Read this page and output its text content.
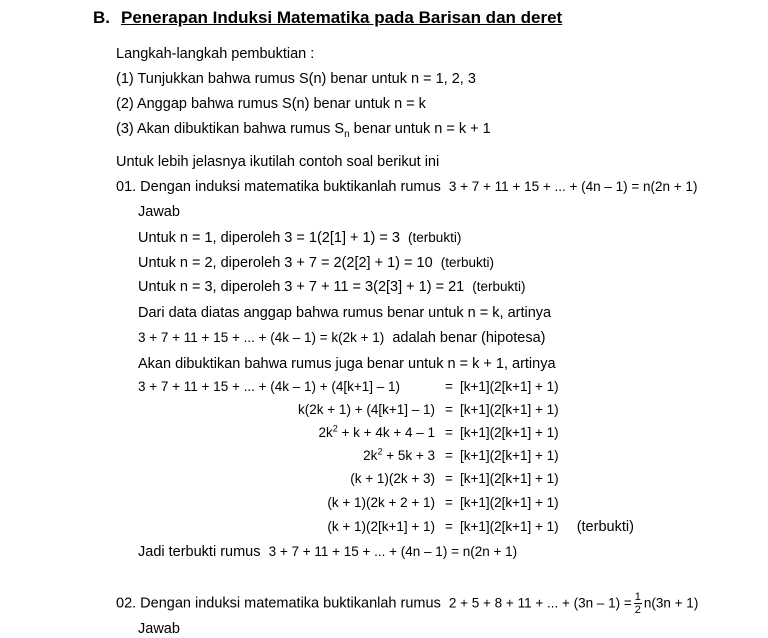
B. Penerapan Induksi Matematika pada Barisan dan deret
Langkah-langkah pembuktian :
(1) Tunjukkan bahwa rumus S(n) benar untuk n = 1, 2, 3
(2) Anggap bahwa rumus S(n) benar untuk n = k
(3) Akan dibuktikan bahwa rumus $S_n$ benar untuk n = k + 1
Untuk lebih jelasnya ikutilah contoh soal berikut ini
01. Dengan induksi matematika buktikanlah rumus 3 + 7 + 11 + 15 + ... + (4n – 1) = n(2n + 1)
Jawab
Untuk n = 1, diperoleh 3 = 1(2[1] + 1) = 3 (terbukti)
Untuk n = 2, diperoleh 3 + 7 = 2(2[2] + 1) = 10 (terbukti)
Untuk n = 3, diperoleh 3 + 7 + 11 = 3(2[3] + 1) = 21 (terbukti)
Dari data diatas anggap bahwa rumus benar untuk n = k, artinya
3 + 7 + 11 + 15 + ... + (4k – 1) = k(2k + 1) adalah benar (hipotesa)
Akan dibuktikan bahwa rumus juga benar untuk n = k + 1, artinya
3 + 7 + 11 + 15 + ... + (4k – 1) + (4[k+1] – 1)	= [k+1](2[k+1] + 1)
k(2k + 1) + (4[k+1] – 1) = [k+1](2[k+1] + 1)
$2k^2 + k + 4k + 4 - 1 = [k+1](2[k+1] + 1)$
$2k^2 + 5k + 3 = [k+1](2[k+1] + 1)$
(k + 1)(2k + 3) = [k+1](2[k+1] + 1)
(k + 1)(2k + 2 + 1) = [k+1](2[k+1] + 1)
(k + 1)(2[k+1] + 1) = [k+1](2[k+1] + 1) (terbukti)
Jadi terbukti rumus 3 + 7 + 11 + 15 + ... + (4n – 1) = n(2n + 1)
02. Dengan induksi matematika buktikanlah rumus 2 + 5 + 8 + 11 + ... + $(3n - 1) = \frac{1}{2} n(3n + 1)$
Jawab
